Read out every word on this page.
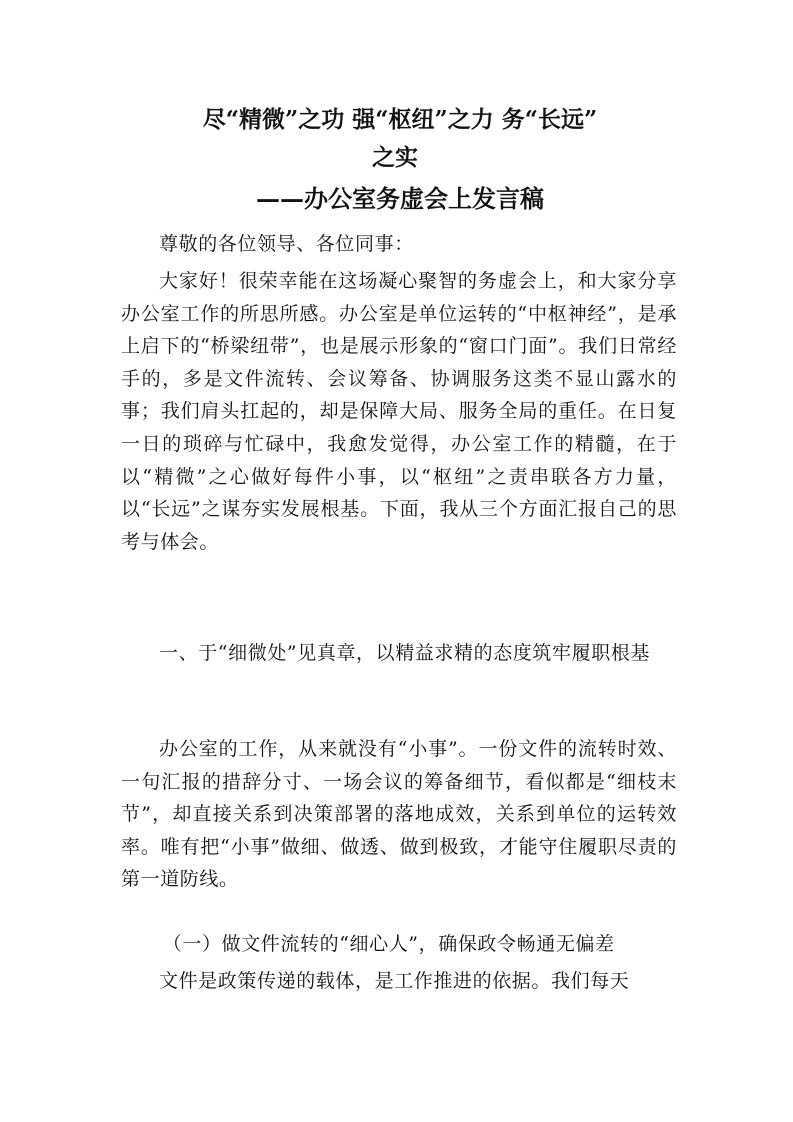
尽“精微”之功 强“枢纽”之力 务“长远”
之实
——办公室务虚会上发言稿

尊敬的各位领导、各位同事：

大家好！很荣幸能在这场凝心聚智的务虚会上，和大家分享办公室工作的所思所感。办公室是单位运转的“中枢神经”，是承上启下的“桥梁纽带”，也是展示形象的“窗口门面”。我们日常经手的，多是文件流转、会议筹备、协调服务这类不显山露水的事；我们肩头扛起的，却是保障大局、服务全局的重任。在日复一日的琐碎与忙碌中，我愈发觉得，办公室工作的精髓，在于以“精微”之心做好每件小事，以“枢纽”之责串联各方力量，以“长远”之谋夯实发展根基。下面，我从三个方面汇报自己的思考与体会。

一、于“细微处”见真章，以精益求精的态度筑牢履职根基

办公室的工作，从来就没有“小事”。一份文件的流转时效、一句汇报的措辞分寸、一场会议的筹备细节，看似都是“细枝末节”，却直接关系到决策部署的落地成效，关系到单位的运转效率。唯有把“小事”做细、做透、做到极致，才能守住履职尽责的第一道防线。

（一）做文件流转的“细心人”，确保政令畅通无偏差

文件是政策传递的载体，是工作推进的依据。我们每天
